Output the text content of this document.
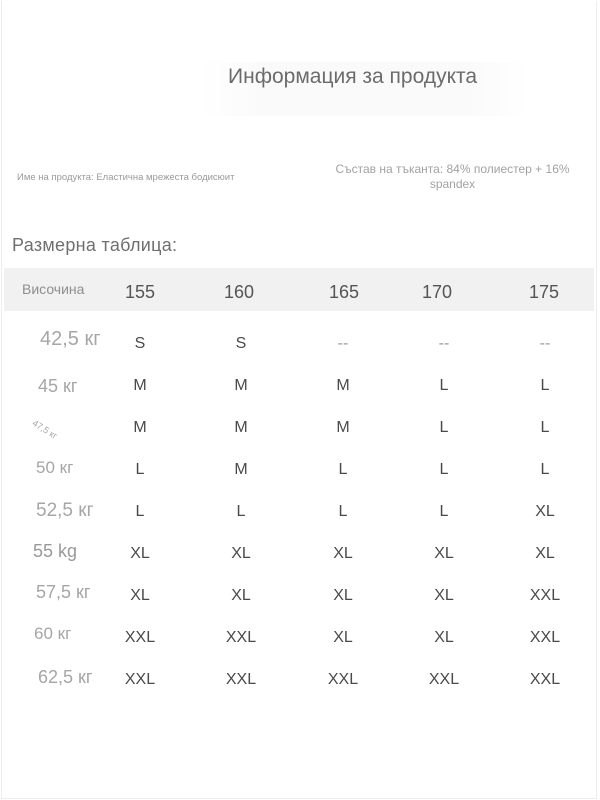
Информация за продукта
Име на продукта: Еластична мрежеста бодисюит
Състав на тъканта: 84% полиестер + 16%
spandex
Размерна таблица:
Височина	155	160	165	170	175
42,5 кг	S	S	--	--	--
45 кг	M	M	M	L	L
47,5 кг	M	M	M	L	L
50 кг	L	M	L	L	L
52,5 кг	L	L	L	L	XL
55 kg	XL	XL	XL	XL	XL
57,5 кг	XL	XL	XL	XL	XXL
60 кг	XXL	XXL	XL	XL	XXL
62,5 кг	XXL	XXL	XXL	XXL	XXL
